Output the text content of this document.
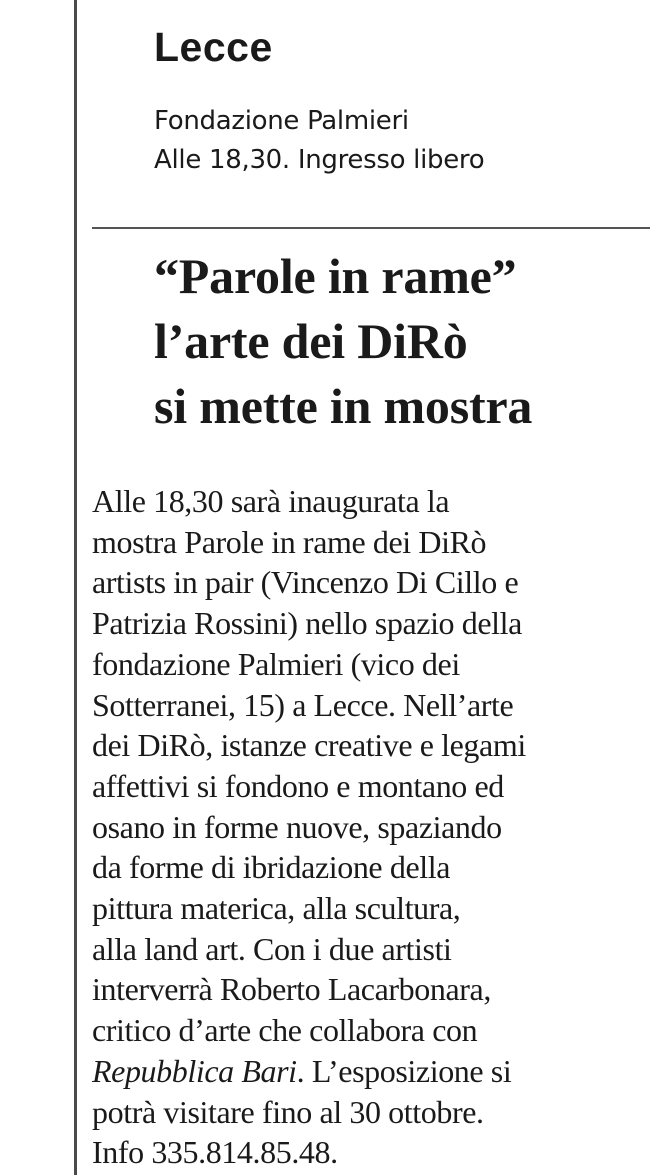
Lecce
Fondazione Palmieri
Alle 18,30. Ingresso libero
“Parole in rame”
l’arte dei DiRò
si mette in mostra
Alle 18,30 sarà inaugurata la
mostra Parole in rame dei DiRò
artists in pair (Vincenzo Di Cillo e
Patrizia Rossini) nello spazio della
fondazione Palmieri (vico dei
Sotterranei, 15) a Lecce. Nell’arte
dei DiRò, istanze creative e legami
affettivi si fondono e montano ed
osano in forme nuove, spaziando
da forme di ibridazione della
pittura materica, alla scultura,
alla land art. Con i due artisti
interverrà Roberto Lacarbonara,
critico d’arte che collabora con
Repubblica Bari. L’esposizione si
potrà visitare fino al 30 ottobre.
Info 335.814.85.48.
